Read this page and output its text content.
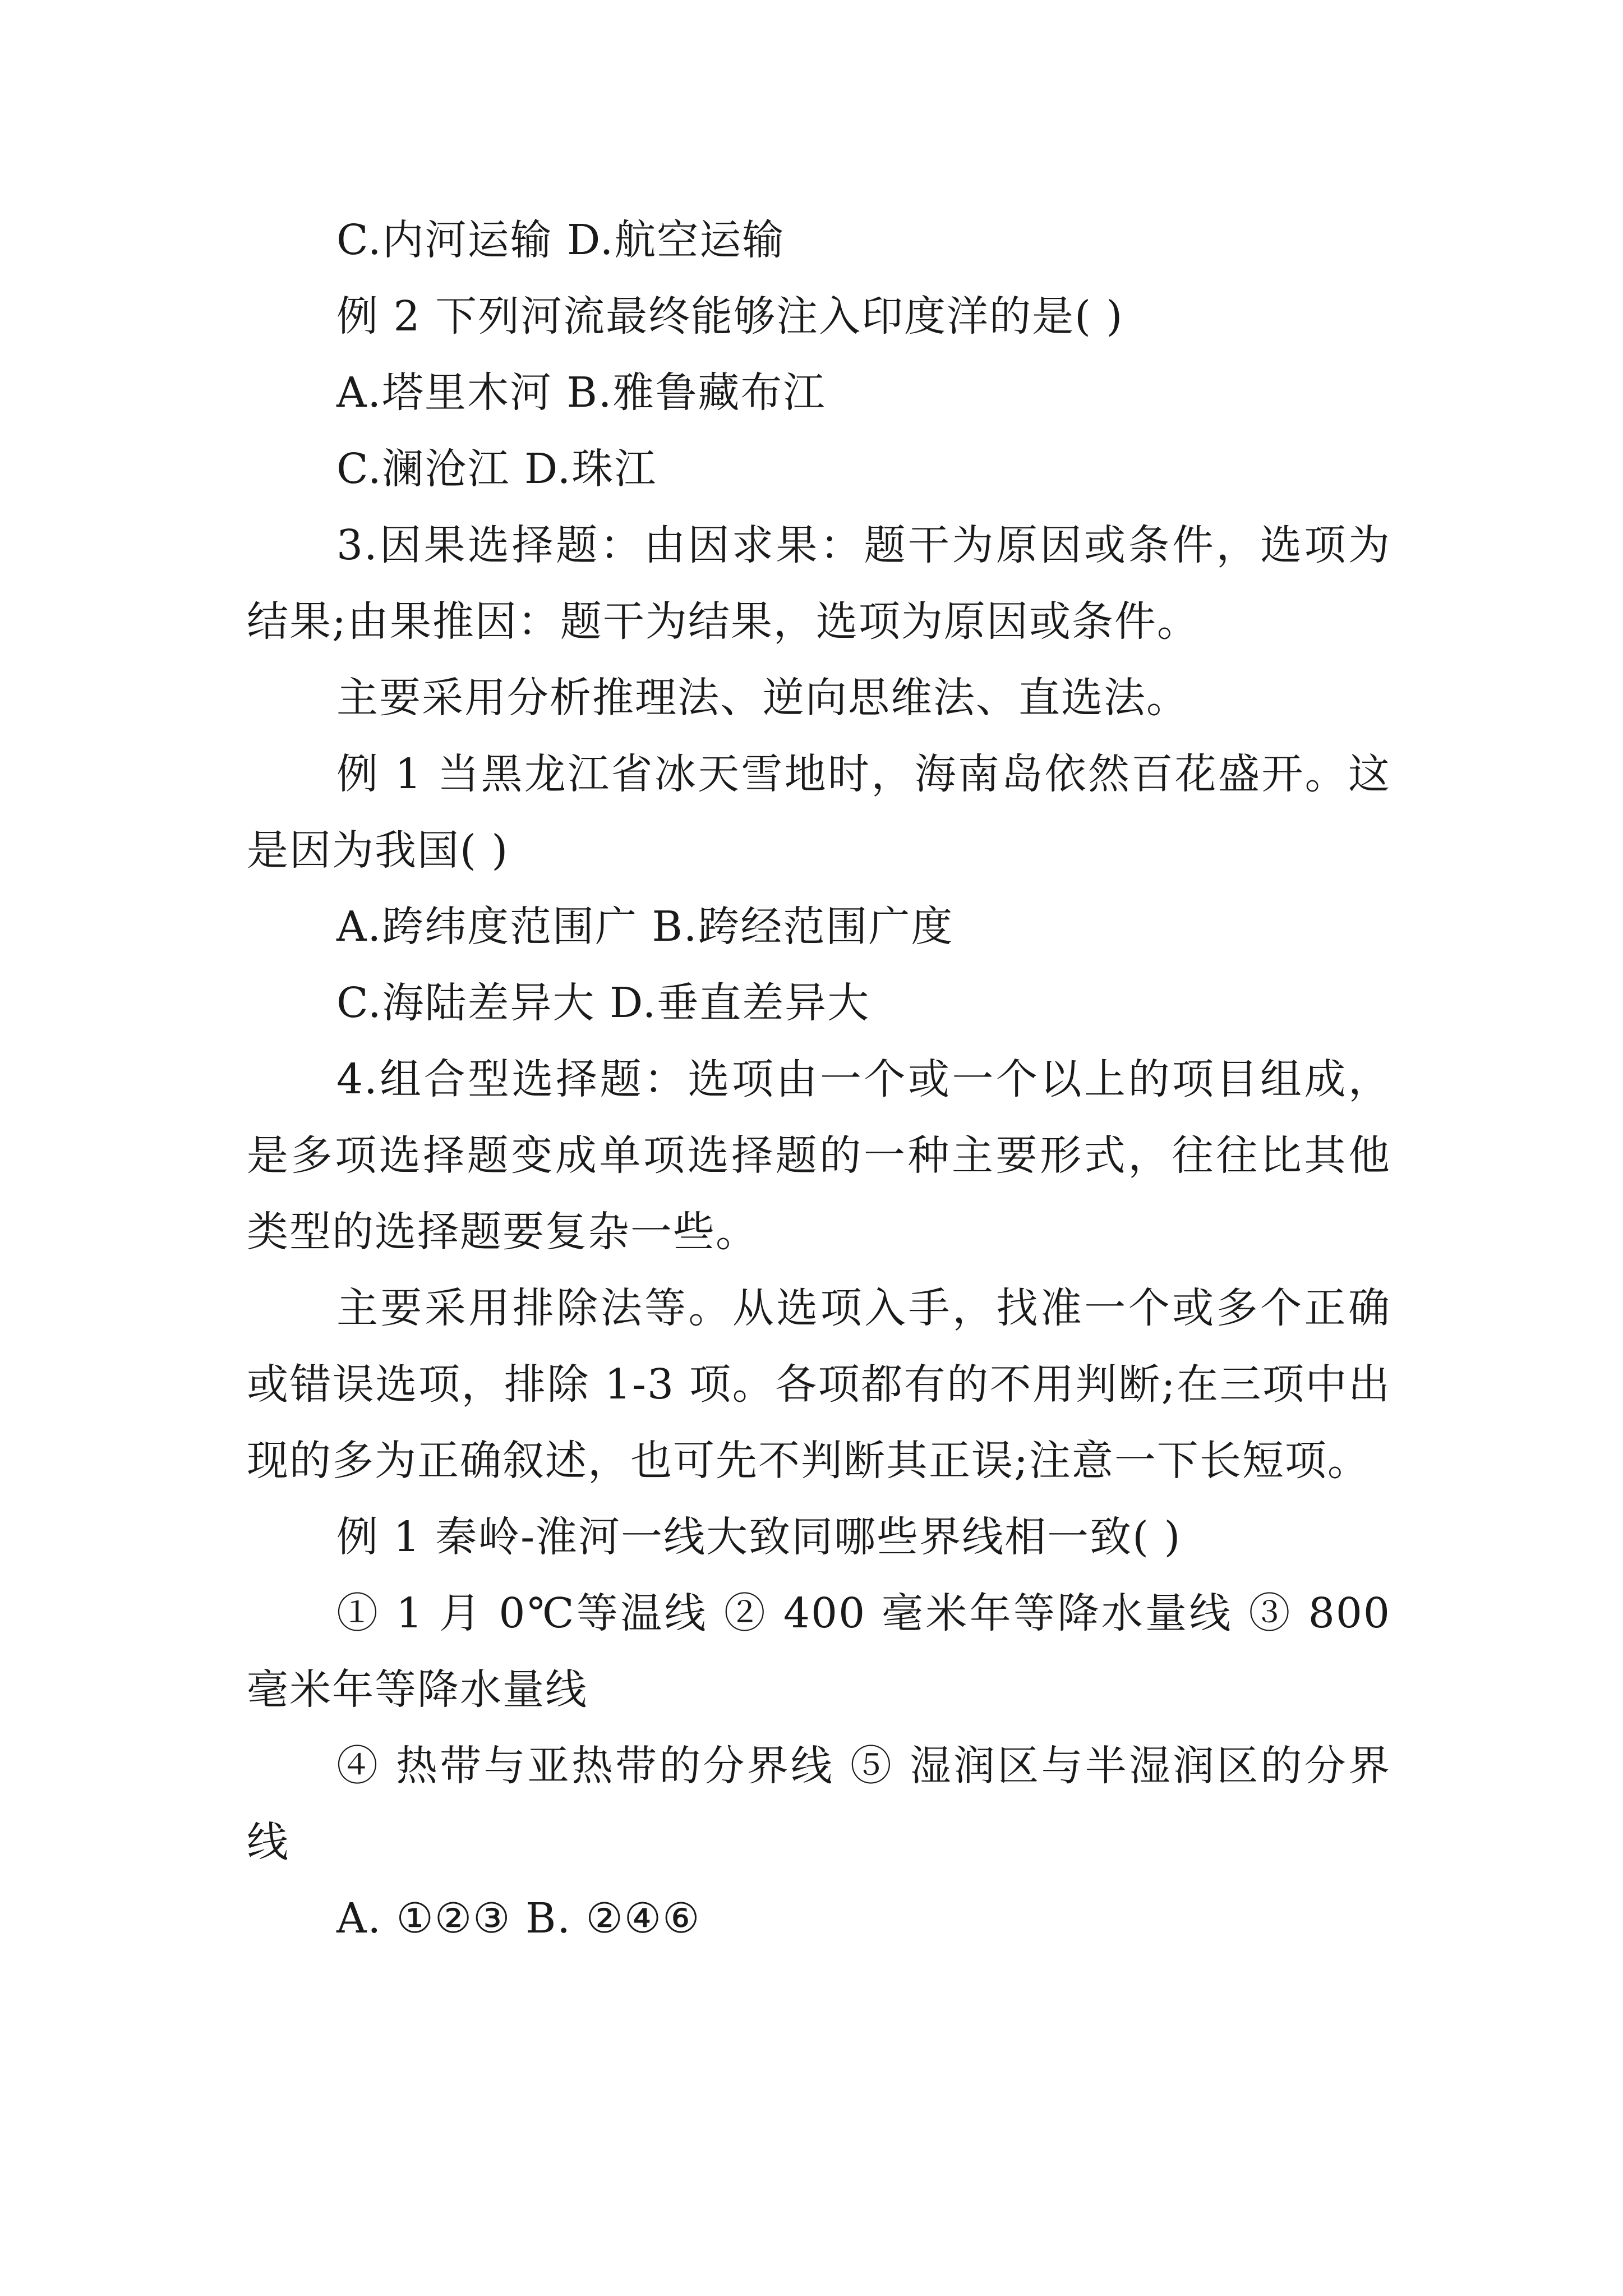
C.内河运输 D.航空运输

例 2 下列河流最终能够注入印度洋的是( )

A.塔里木河 B.雅鲁藏布江

C.澜沧江 D.珠江

3.因果选择题：由因求果：题干为原因或条件，选项为结果;由果推因：题干为结果，选项为原因或条件。

主要采用分析推理法、逆向思维法、直选法。

例 1 当黑龙江省冰天雪地时，海南岛依然百花盛开。这是因为我国( )

A.跨纬度范围广 B.跨经范围广度

C.海陆差异大 D.垂直差异大

4.组合型选择题：选项由一个或一个以上的项目组成，是多项选择题变成单项选择题的一种主要形式，往往比其他类型的选择题要复杂一些。

主要采用排除法等。从选项入手，找准一个或多个正确或错误选项，排除 1-3 项。各项都有的不用判断;在三项中出现的多为正确叙述，也可先不判断其正误;注意一下长短项。

例 1 秦岭-淮河一线大致同哪些界线相一致( )

① 1 月 0℃等温线 ② 400 毫米年等降水量线 ③ 800 毫米年等降水量线

④ 热带与亚热带的分界线 ⑤ 湿润区与半湿润区的分界线

A. ①②③ B. ②④⑥
